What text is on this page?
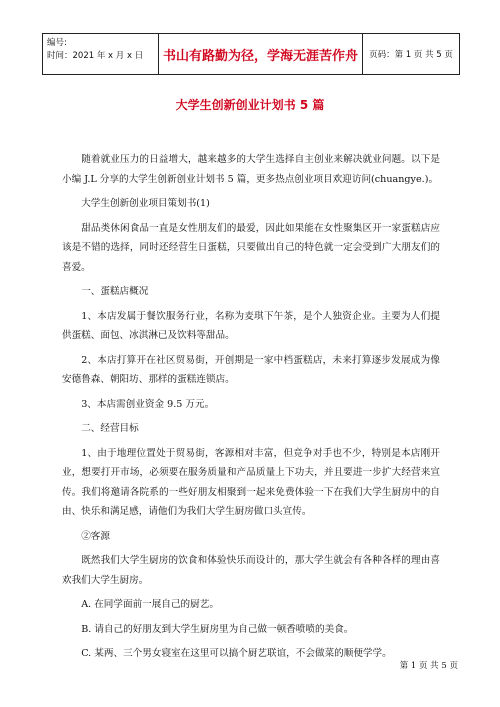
编号:
时间：2021 年 x 月 x 日	书山有路勤为径，学海无涯苦作舟	页码：第 1 页 共 5 页
大学生创新创业计划书 5 篇

随着就业压力的日益增大，越来越多的大学生选择自主创业来解决就业问题。以下是小编 J.L 分享的大学生创新创业计划书 5 篇，更多热点创业项目欢迎访问(chuangye.)。

大学生创新创业项目策划书(1)

甜品类休闲食品一直是女性朋友们的最爱，因此如果能在女性聚集区开一家蛋糕店应该是不错的选择，同时还经营生日蛋糕，只要做出自己的特色就一定会受到广大朋友们的喜爱。

一、蛋糕店概况

1、本店发属于餐饮服务行业，名称为麦琪下午茶，是个人独资企业。主要为人们提供蛋糕、面包、冰淇淋已及饮料等甜品。

2、本店打算开在社区贸易街，开创期是一家中档蛋糕店，未来打算逐步发展成为像安德鲁森、朝阳坊、那样的蛋糕连锁店。

3、本店需创业资金 9.5 万元。

二、经营目标

1、由于地理位置处于贸易街，客源相对丰富，但竞争对手也不少，特别是本店刚开业，想要打开市场，必须要在服务质量和产品质量上下功夫，并且要进一步扩大经营来宣传。我们将邀请各院系的一些好朋友相聚到一起来免费体验一下在我们大学生厨房中的自由、快乐和满足感，请他们为我们大学生厨房做口头宣传。

②客源

既然我们大学生厨房的饮食和体验快乐而设计的，那大学生就会有各种各样的理由喜欢我们大学生厨房。

A. 在同学面前一展自己的厨艺。

B. 请自己的好朋友到大学生厨房里为自己做一顿香喷喷的美食。

C. 某两、三个男女寝室在这里可以搞个厨艺联谊，不会做菜的顺便学学。

第 1 页 共 5 页
